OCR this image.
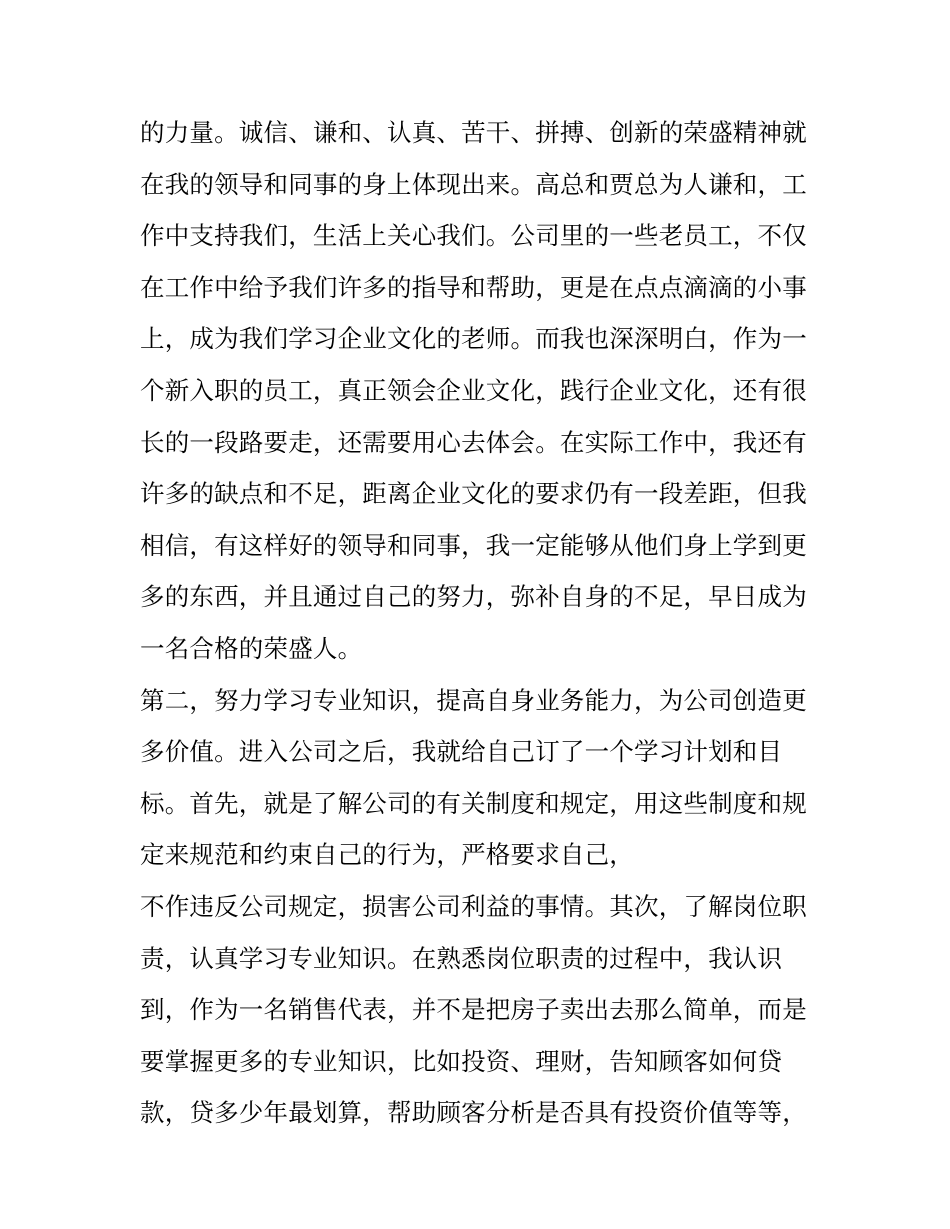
的力量。诚信、谦和、认真、苦干、拼搏、创新的荣盛精神就
在我的领导和同事的身上体现出来。高总和贾总为人谦和，工
作中支持我们，生活上关心我们。公司里的一些老员工，不仅
在工作中给予我们许多的指导和帮助，更是在点点滴滴的小事
上，成为我们学习企业文化的老师。而我也深深明白，作为一
个新入职的员工，真正领会企业文化，践行企业文化，还有很
长的一段路要走，还需要用心去体会。在实际工作中，我还有
许多的缺点和不足，距离企业文化的要求仍有一段差距，但我
相信，有这样好的领导和同事，我一定能够从他们身上学到更
多的东西，并且通过自己的努力，弥补自身的不足，早日成为
一名合格的荣盛人。
第二，努力学习专业知识，提高自身业务能力，为公司创造更
多价值。进入公司之后，我就给自己订了一个学习计划和目
标。首先，就是了解公司的有关制度和规定，用这些制度和规
定来规范和约束自己的行为，严格要求自己，
不作违反公司规定，损害公司利益的事情。其次，了解岗位职
责，认真学习专业知识。在熟悉岗位职责的过程中，我认识
到，作为一名销售代表，并不是把房子卖出去那么简单，而是
要掌握更多的专业知识，比如投资、理财，告知顾客如何贷
款，贷多少年最划算，帮助顾客分析是否具有投资价值等等，
